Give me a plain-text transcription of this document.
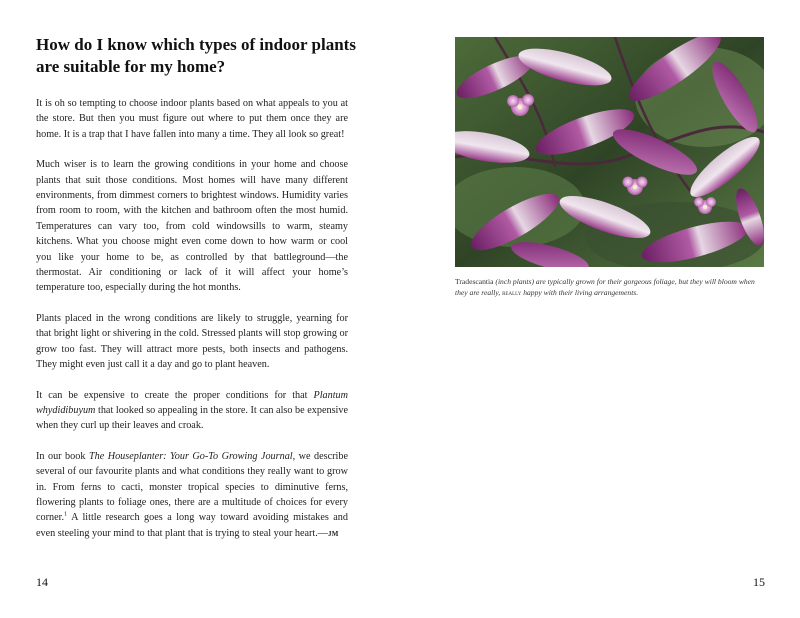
How do I know which types of indoor plants are suitable for my home?

It is oh so tempting to choose indoor plants based on what appeals to you at the store. But then you must figure out where to put them once they are home. It is a trap that I have fallen into many a time. They all look so great!

Much wiser is to learn the growing conditions in your home and choose plants that suit those conditions. Most homes will have many different environments, from dimmest corners to brightest windows. Humidity varies from room to room, with the kitchen and bathroom often the most humid. Temperatures can vary too, from cold windowsills to warm, steamy kitchens. What you choose might even come down to how warm or cool you like your home to be, as controlled by that battleground—the thermostat. Air conditioning or lack of it will affect your home’s temperature too, especially during the hot months.

Plants placed in the wrong conditions are likely to struggle, yearning for that bright light or shivering in the cold. Stressed plants will stop growing or grow too fast. They will attract more pests, both insects and pathogens. They might even just call it a day and go to plant heaven.

It can be expensive to create the proper conditions for that Plantum whydidibuyum that looked so appealing in the store. It can also be expensive when they curl up their leaves and croak.

In our book The Houseplanter: Your Go-To Growing Journal, we describe several of our favourite plants and what conditions they really want to grow in. From ferns to cacti, monster tropical species to diminutive ferns, flowering plants to foliage ones, there are a multitude of choices for every corner.$^1$ A little research goes a long way toward avoiding mistakes and even steeling your mind to that plant that is trying to steal your heart.—jm

14
Tradescantia (inch plants) are typically grown for their gorgeous foliage, but they will bloom when they are really, really happy with their living arrangements.
15
